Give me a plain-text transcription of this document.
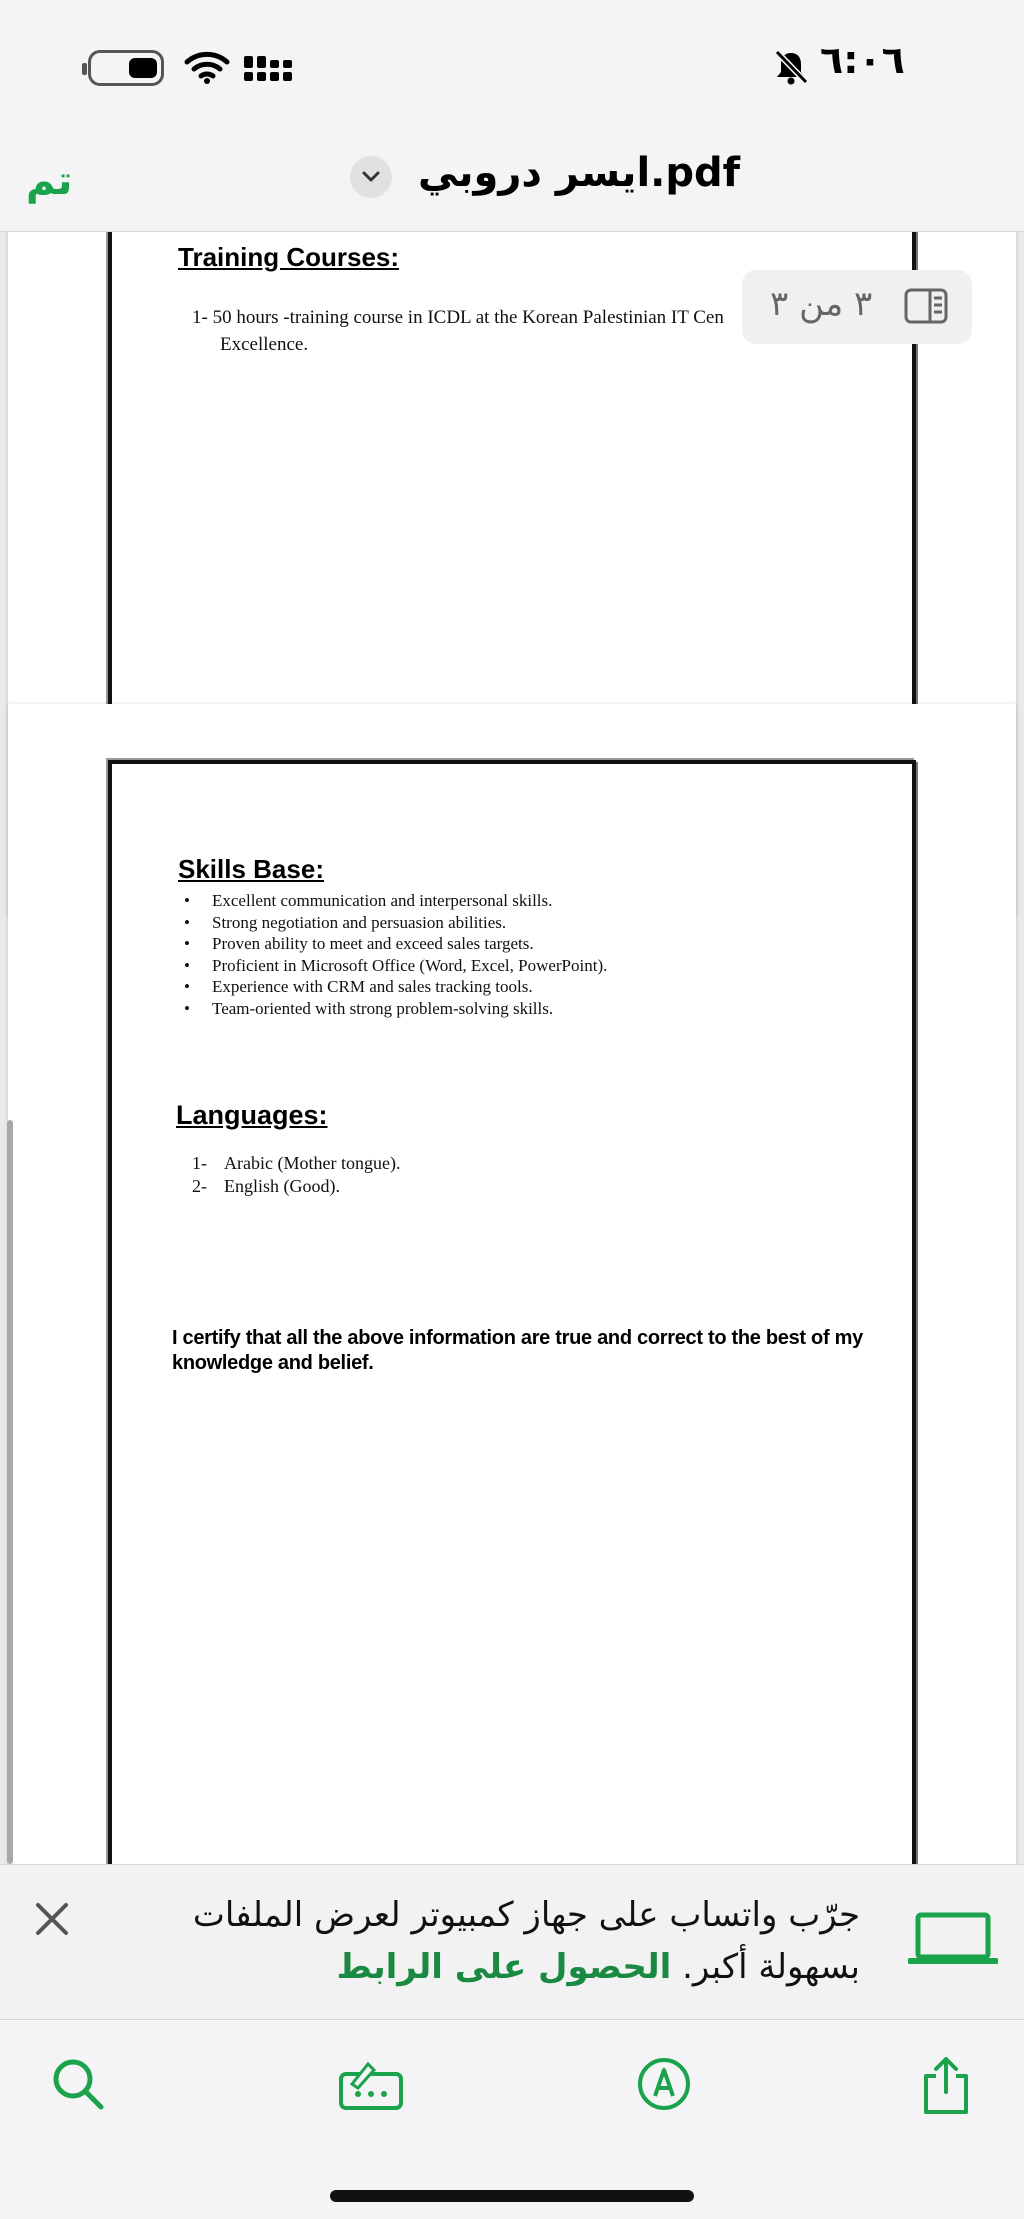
٦:٠٦
تم	ايسر دروبي.pdf
Training Courses:
1- 50 hours -training course in ICDL at the Korean Palestinian IT Cen
Excellence.
Skills Base:
• Excellent communication and interpersonal skills.
• Strong negotiation and persuasion abilities.
• Proven ability to meet and exceed sales targets.
• Proficient in Microsoft Office (Word, Excel, PowerPoint).
• Experience with CRM and sales tracking tools.
• Team-oriented with strong problem-solving skills.
Languages:
1- Arabic (Mother tongue).
2- English (Good).
I certify that all the above information are true and correct to the best of my knowledge and belief.
٣ من ٣
جرّب واتساب على جهاز كمبيوتر لعرض الملفات بسهولة أكبر. الحصول على الرابط
